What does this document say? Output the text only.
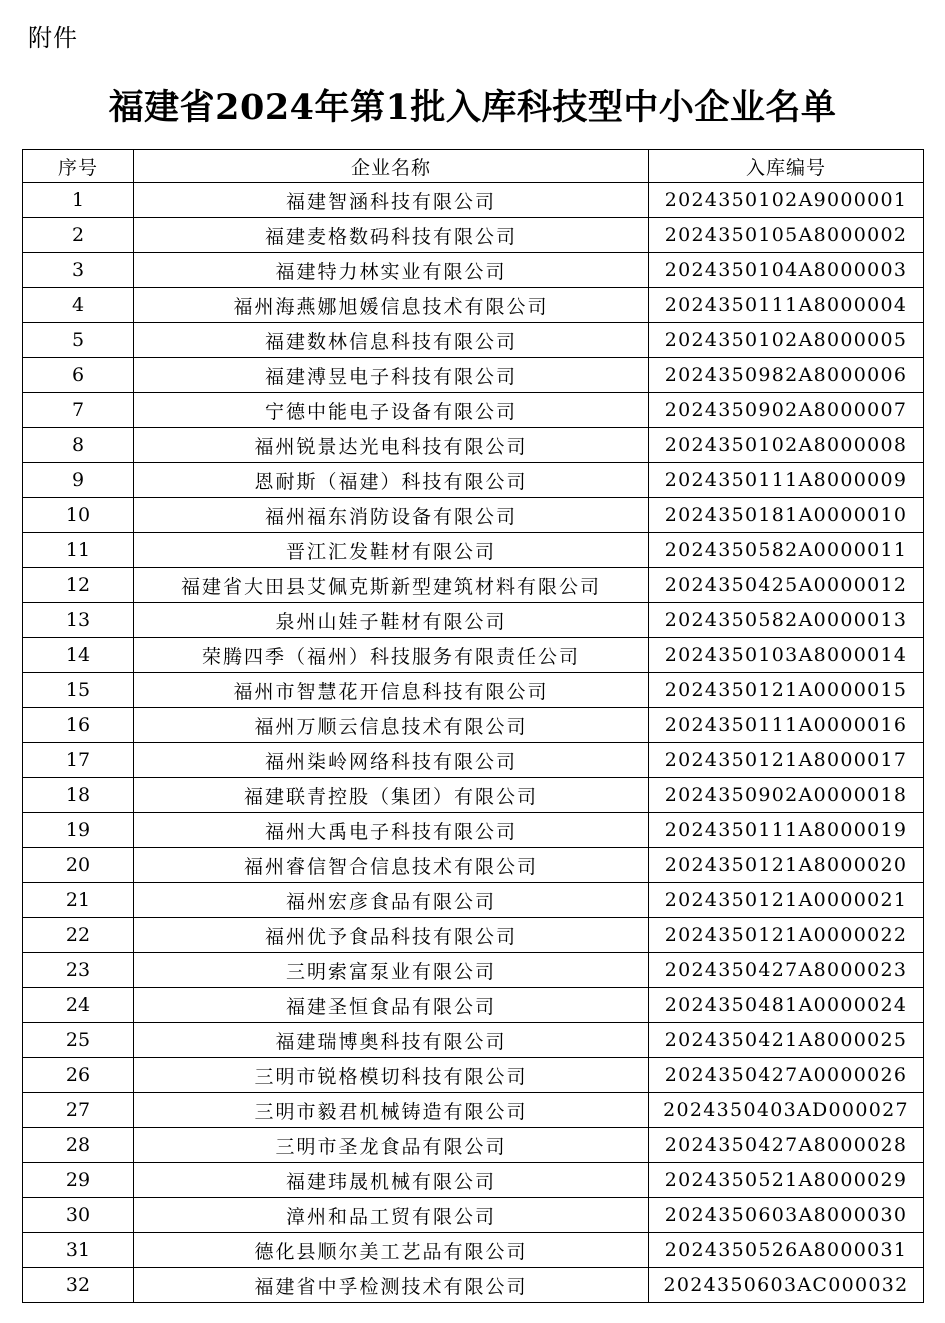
附件
福建省2024年第1批入库科技型中小企业名单
序号	企业名称	入库编号
1	福建智涵科技有限公司	2024350102A9000001
2	福建麦格数码科技有限公司	2024350105A8000002
3	福建特力林实业有限公司	2024350104A8000003
4	福州海燕娜旭媛信息技术有限公司	2024350111A8000004
5	福建数林信息科技有限公司	2024350102A8000005
6	福建溥昱电子科技有限公司	2024350982A8000006
7	宁德中能电子设备有限公司	2024350902A8000007
8	福州锐景达光电科技有限公司	2024350102A8000008
9	恩耐斯（福建）科技有限公司	2024350111A8000009
10	福州福东消防设备有限公司	2024350181A0000010
11	晋江汇发鞋材有限公司	2024350582A0000011
12	福建省大田县艾佩克斯新型建筑材料有限公司	2024350425A0000012
13	泉州山娃子鞋材有限公司	2024350582A0000013
14	荣腾四季（福州）科技服务有限责任公司	2024350103A8000014
15	福州市智慧花开信息科技有限公司	2024350121A0000015
16	福州万顺云信息技术有限公司	2024350111A0000016
17	福州柒岭网络科技有限公司	2024350121A8000017
18	福建联青控股（集团）有限公司	2024350902A0000018
19	福州大禹电子科技有限公司	2024350111A8000019
20	福州睿信智合信息技术有限公司	2024350121A8000020
21	福州宏彦食品有限公司	2024350121A0000021
22	福州优予食品科技有限公司	2024350121A0000022
23	三明索富泵业有限公司	2024350427A8000023
24	福建圣恒食品有限公司	2024350481A0000024
25	福建瑞博奥科技有限公司	2024350421A8000025
26	三明市锐格模切科技有限公司	2024350427A0000026
27	三明市毅君机械铸造有限公司	2024350403AD000027
28	三明市圣龙食品有限公司	2024350427A8000028
29	福建玮晟机械有限公司	2024350521A8000029
30	漳州和品工贸有限公司	2024350603A8000030
31	德化县顺尔美工艺品有限公司	2024350526A8000031
32	福建省中孚检测技术有限公司	2024350603AC000032
